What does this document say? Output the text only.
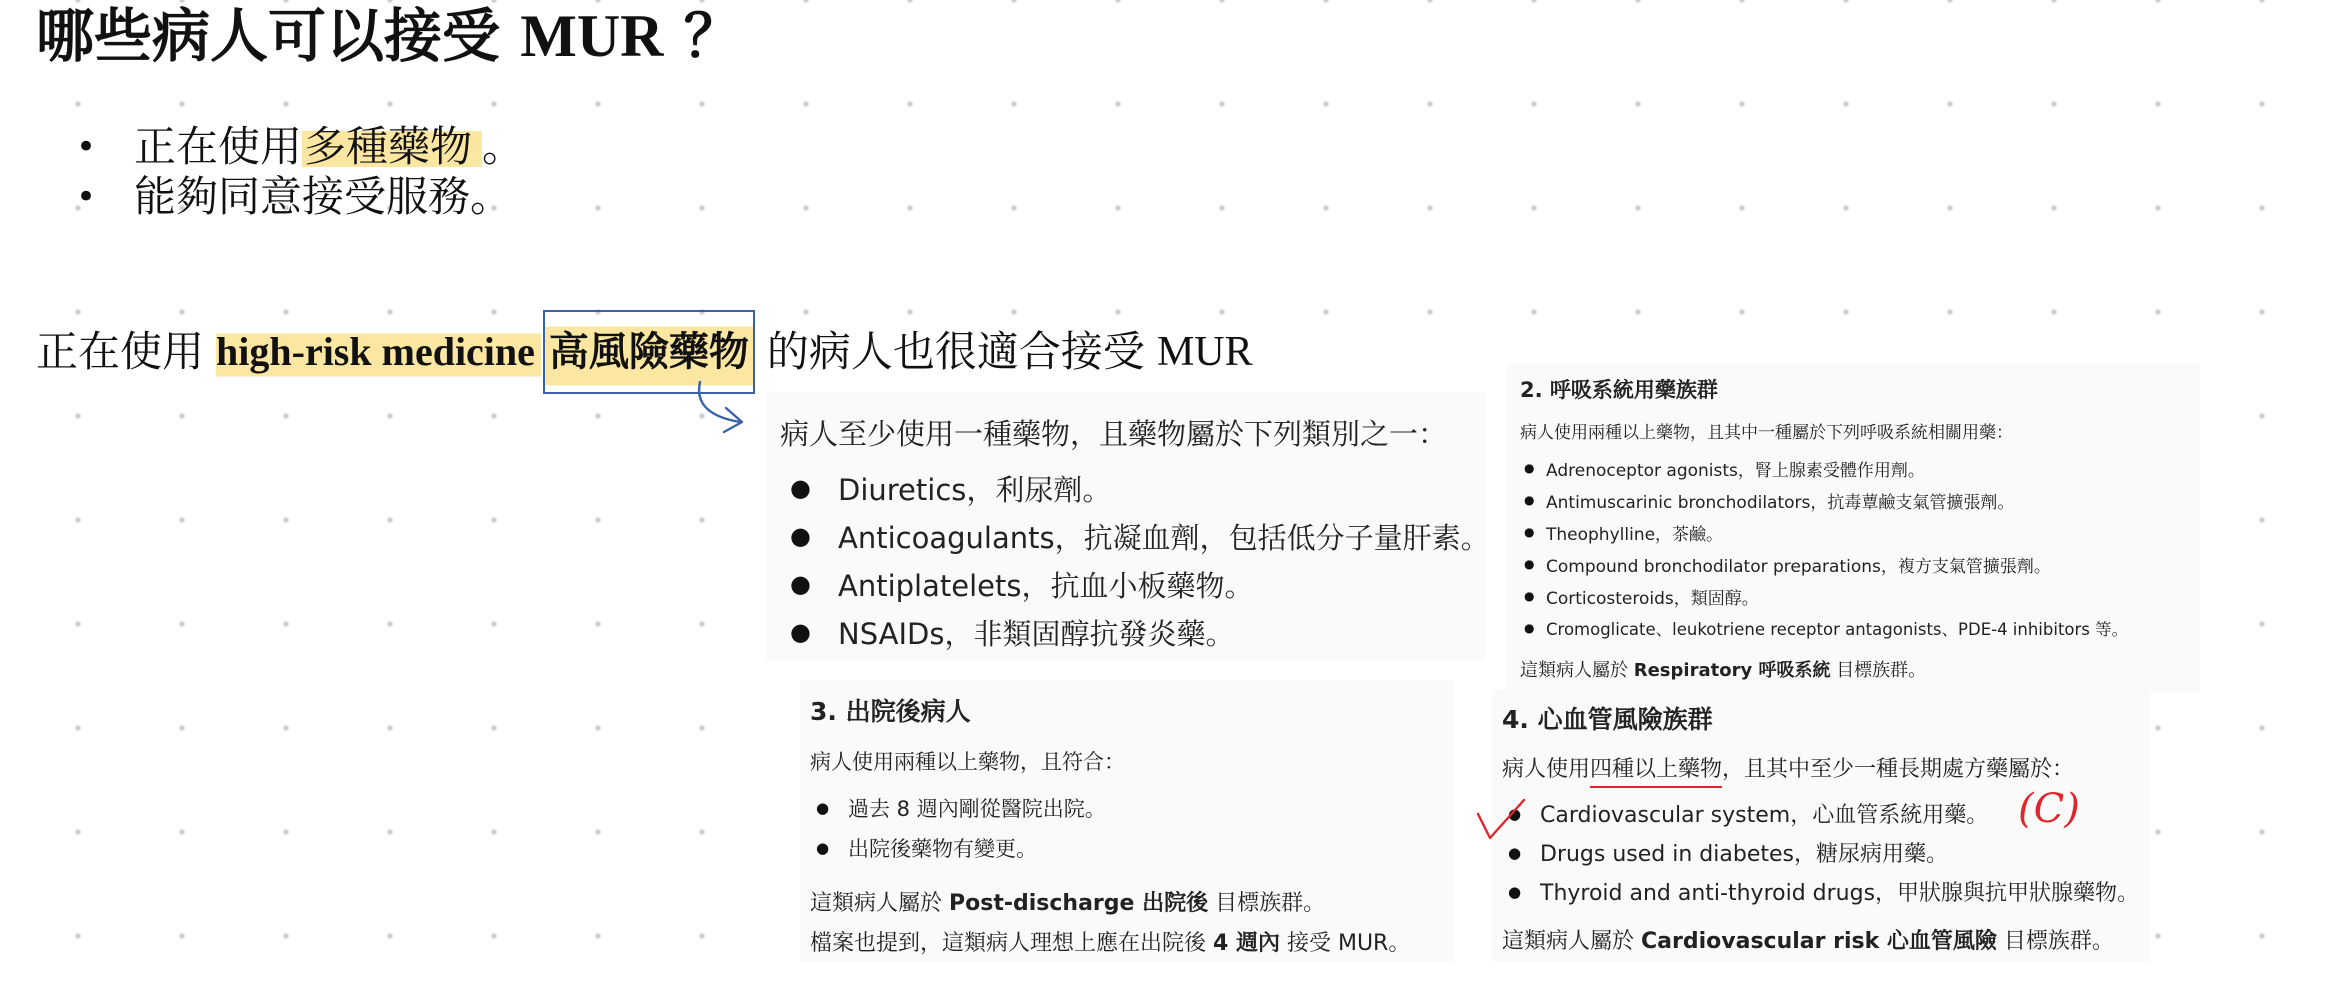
哪些病人可以接受 MUR ？
• 正在使用多種藥物 。
• 能夠同意接受服務。
正在使用 high-risk medicine 高風險藥物 的病人也很適合接受 MUR
病人至少使用一種藥物，且藥物屬於下列類別之一：
● Diuretics，利尿劑。
● Anticoagulants，抗凝血劑，包括低分子量肝素。
● Antiplatelets，抗血小板藥物。
● NSAIDs，非類固醇抗發炎藥。
2. 呼吸系統用藥族群
病人使用兩種以上藥物，且其中一種屬於下列呼吸系統相關用藥：
● Adrenoceptor agonists，腎上腺素受體作用劑。
● Antimuscarinic bronchodilators，抗毒蕈鹼支氣管擴張劑。
● Theophylline，茶鹼。
● Compound bronchodilator preparations，複方支氣管擴張劑。
● Corticosteroids，類固醇。
● Cromoglicate、leukotriene receptor antagonists、PDE-4 inhibitors 等。
這類病人屬於 Respiratory 呼吸系統 目標族群。
3. 出院後病人
病人使用兩種以上藥物，且符合：
● 過去 8 週內剛從醫院出院。
● 出院後藥物有變更。
這類病人屬於 Post-discharge 出院後 目標族群。
檔案也提到，這類病人理想上應在出院後 4 週內 接受 MUR。
4. 心血管風險族群
病人使用四種以上藥物，且其中至少一種長期處方藥屬於：
● Cardiovascular system，心血管系統用藥。
● Drugs used in diabetes，糖尿病用藥。
● Thyroid and anti-thyroid drugs，甲狀腺與抗甲狀腺藥物。
這類病人屬於 Cardiovascular risk 心血管風險 目標族群。
(C)
